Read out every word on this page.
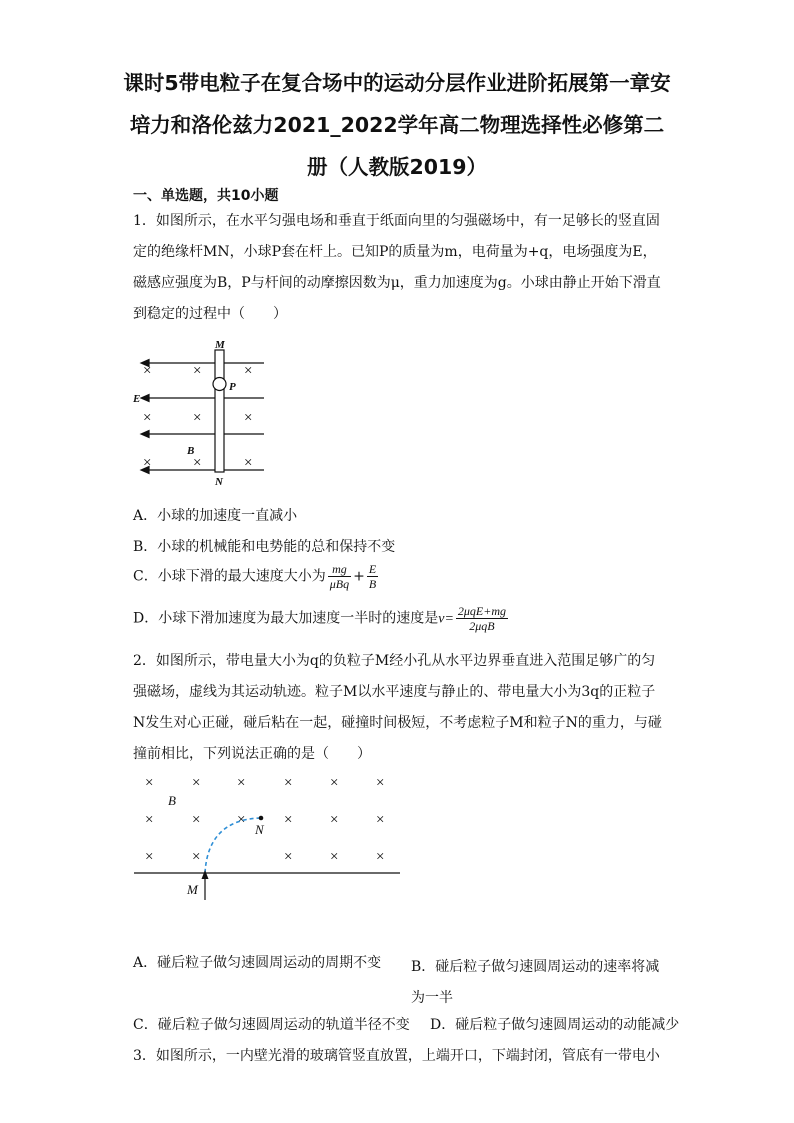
课时5带电粒子在复合场中的运动分层作业进阶拓展第一章安培力和洛伦兹力2021_2022学年高二物理选择性必修第二册（人教版2019）
一、单选题，共10小题
1．如图所示，在水平匀强电场和垂直于纸面向里的匀强磁场中，有一足够长的竖直固定的绝缘杆MN，小球P套在杆上。已知P的质量为m，电荷量为+q，电场强度为E，磁感应强度为B，P与杆间的动摩擦因数为μ，重力加速度为g。小球由静止开始下滑直到稳定的过程中（　　）
×	×	×
×	×	×
×	×	×
M
P
E
B
N
A．小球的加速度一直减小
B．小球的机械能和电势能的总和保持不变
C．小球下滑的最大速度大小为 $\frac{mg}{\text{μBq}} + \frac{E}{B}$
D．小球下滑加速度为最大加速度一半时的速度是$v= \frac{\text{2μqE+mg}}{\text{2μqB}}$
2．如图所示，带电量大小为q的负粒子M经小孔从水平边界垂直进入范围足够广的匀强磁场，虚线为其运动轨迹。粒子M以水平速度与静止的、带电量大小为3q的正粒子N发生对心正碰，碰后粘在一起，碰撞时间极短，不考虑粒子M和粒子N的重力，与碰撞前相比，下列说法正确的是（　　）
×	× ×	×	×	×
×	× ×	×	×	×
×	×	×	×	×
B
N
M
A．碰后粒子做匀速圆周运动的周期不变 B．碰后粒子做匀速圆周运动的速率将减为一半
C．碰后粒子做匀速圆周运动的轨道半径不变 D．碰后粒子做匀速圆周运动的动能减少
3．如图所示，一内壁光滑的玻璃管竖直放置，上端开口，下端封闭，管底有一带电小
